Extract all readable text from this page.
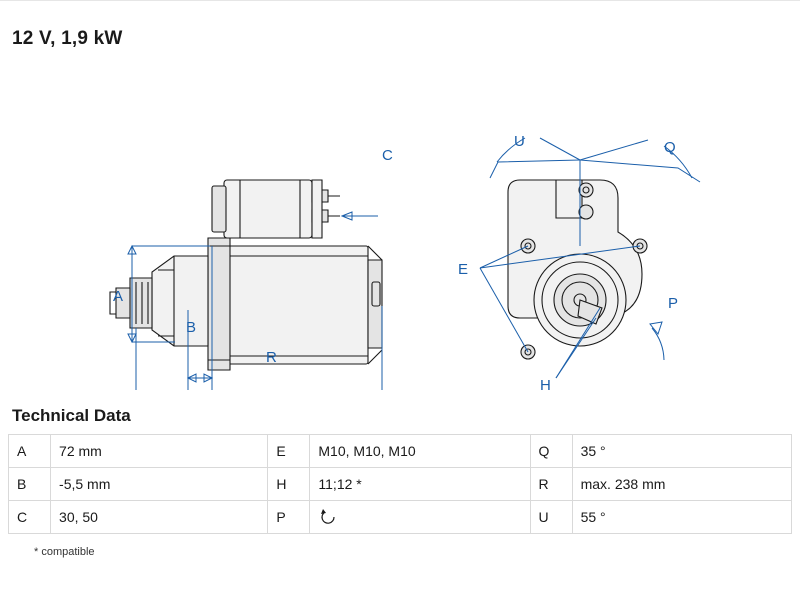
12 V, 1,9 kW
A
B
R
C
U	Q
E
H
P
Technical Data
A	72 mm	E	M10, M10, M10	Q	35 °
B	-5,5 mm	H	11;12 *	R	max. 238 mm
C	30, 50	P		U	55 °
* compatible
